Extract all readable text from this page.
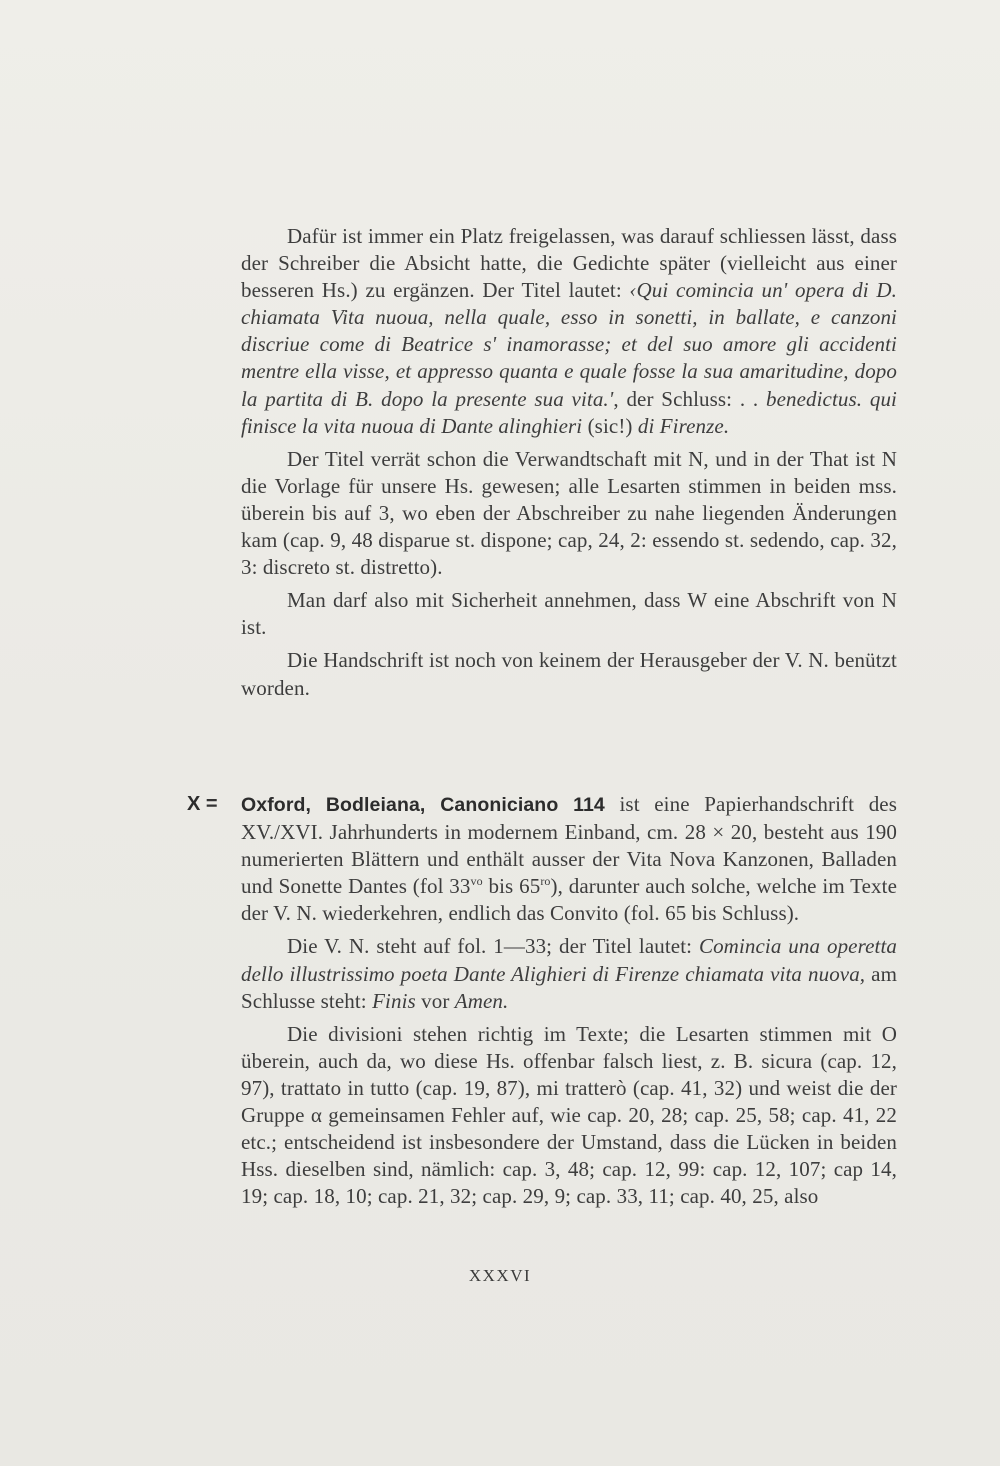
Dafür ist immer ein Platz freigelassen, was darauf schliessen lässt, dass der Schreiber die Absicht hatte, die Gedichte später (vielleicht aus einer besseren Hs.) zu ergänzen. Der Titel lautet: ‹Qui comincia un' opera di D. chiamata Vita nuoua, nella quale, esso in sonetti, in ballate, e canzoni discriue come di Beatrice s' inamorasse; et del suo amore gli accidenti mentre ella visse, et appresso quanta e quale fosse la sua amaritudine, dopo la partita di B. dopo la presente sua vita.', der Schluss: . . benedictus. qui finisce la vita nuoua di Dante alinghieri (sic!) di Firenze.

Der Titel verrät schon die Verwandtschaft mit N, und in der That ist N die Vorlage für unsere Hs. gewesen; alle Lesarten stimmen in beiden mss. überein bis auf 3, wo eben der Abschreiber zu nahe liegenden Änderungen kam (cap. 9, 48 disparue st. dispone; cap, 24, 2: essendo st. sedendo, cap. 32, 3: discreto st. distretto).

Man darf also mit Sicherheit annehmen, dass W eine Abschrift von N ist.

Die Handschrift ist noch von keinem der Herausgeber der V. N. benützt worden.

X = Oxford, Bodleiana, Canoniciano 114 ist eine Papierhandschrift des XV./XVI. Jahrhunderts in modernem Einband, cm. 28 × 20, besteht aus 190 numerierten Blättern und enthält ausser der Vita Nova Kanzonen, Balladen und Sonette Dantes (fol $33^{vo}$ bis $65^{ro}$), darunter auch solche, welche im Texte der V. N. wiederkehren, endlich das Convito (fol. 65 bis Schluss).

Die V. N. steht auf fol. 1—33; der Titel lautet: Comincia una operetta dello illustrissimo poeta Dante Alighieri di Firenze chiamata vita nuova, am Schlusse steht: Finis vor Amen.

Die divisioni stehen richtig im Texte; die Lesarten stimmen mit O überein, auch da, wo diese Hs. offenbar falsch liest, z. B. sicura (cap. 12, 97), trattato in tutto (cap. 19, 87), mi tratterò (cap. 41, 32) und weist die der Gruppe α gemeinsamen Fehler auf, wie cap. 20, 28; cap. 25, 58; cap. 41, 22 etc.; entscheidend ist insbesondere der Umstand, dass die Lücken in beiden Hss. dieselben sind, nämlich: cap. 3, 48; cap. 12, 99: cap. 12, 107; cap 14, 19; cap. 18, 10; cap. 21, 32; cap. 29, 9; cap. 33, 11; cap. 40, 25, also

XXXVI
